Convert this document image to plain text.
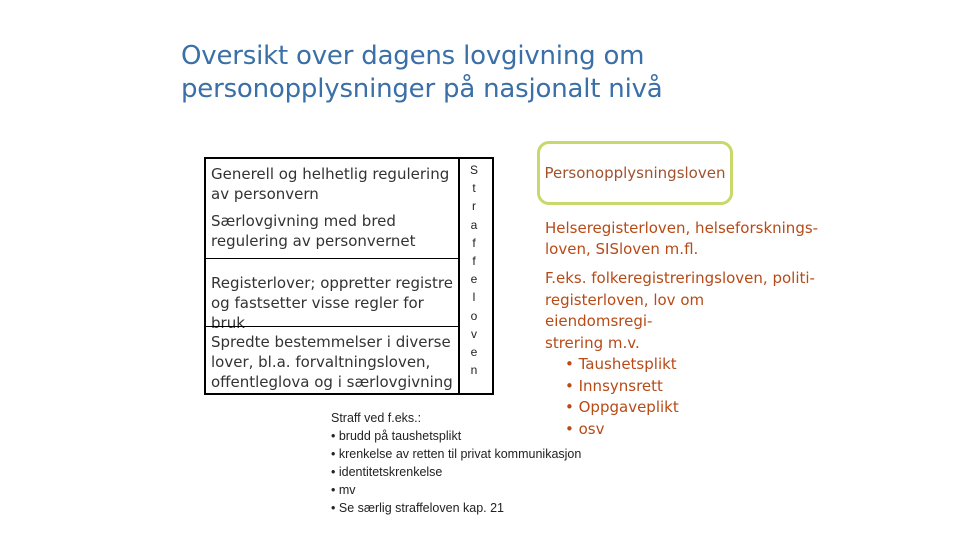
Oversikt over dagens lovgivning om
personopplysninger på nasjonalt nivå
Generell og helhetlig regulering
av personvern
Særlovgivning med bred
regulering av personvernet
Registerlover; oppretter registre
og fastsetter visse regler for bruk
Spredte bestemmelser i diverse
lover, bl.a. forvaltningsloven,
offentleglova og i særlovgivning
S
t
r
a
f
f
e
l
o
v
e
n
Personopplysningsloven
Helseregisterloven, helseforsknings-
loven, SISloven m.fl.
F.eks. folkeregistreringsloven, politi-
registerloven, lov om eiendomsregi-
strering m.v.
• Taushetsplikt
• Innsynsrett
• Oppgaveplikt
• osv
Straff ved f.eks.:
• brudd på taushetsplikt
• krenkelse av retten til privat kommunikasjon
• identitetskrenkelse
• mv
• Se særlig straffeloven kap. 21
